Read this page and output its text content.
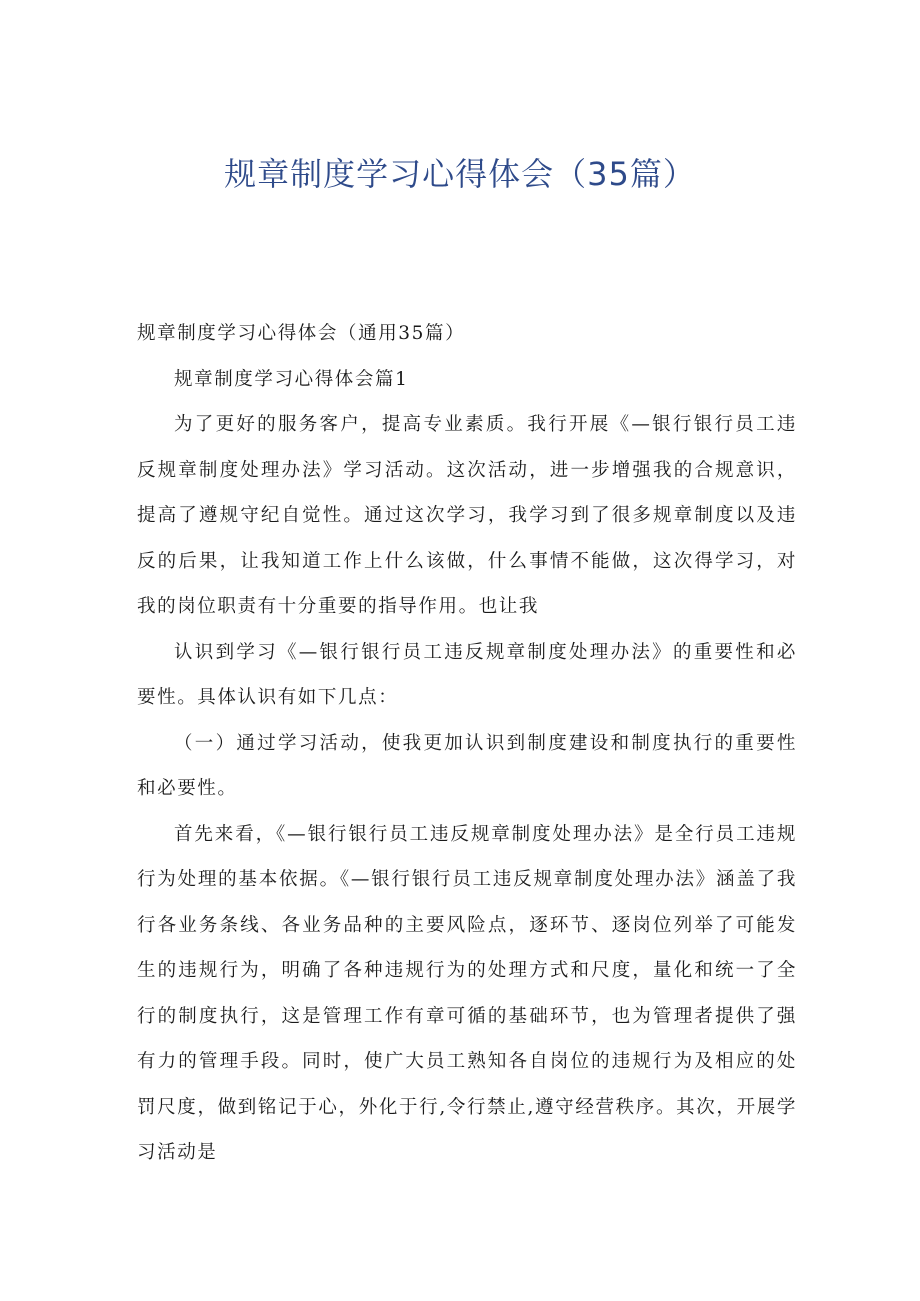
规章制度学习心得体会（35篇）

规章制度学习心得体会（通用35篇）

规章制度学习心得体会篇1

为了更好的服务客户，提高专业素质。我行开展《—银行银行员工违反规章制度处理办法》学习活动。这次活动，进一步增强我的合规意识，提高了遵规守纪自觉性。通过这次学习，我学习到了很多规章制度以及违反的后果，让我知道工作上什么该做，什么事情不能做，这次得学习，对我的岗位职责有十分重要的指导作用。也让我

认识到学习《—银行银行员工违反规章制度处理办法》的重要性和必要性。具体认识有如下几点：

（一）通过学习活动，使我更加认识到制度建设和制度执行的重要性和必要性。

首先来看，《—银行银行员工违反规章制度处理办法》是全行员工违规行为处理的基本依据。《—银行银行员工违反规章制度处理办法》涵盖了我行各业务条线、各业务品种的主要风险点，逐环节、逐岗位列举了可能发生的违规行为，明确了各种违规行为的处理方式和尺度，量化和统一了全行的制度执行，这是管理工作有章可循的基础环节，也为管理者提供了强有力的管理手段。同时，使广大员工熟知各自岗位的违规行为及相应的处罚尺度，做到铭记于心，外化于行,令行禁止,遵守经营秩序。其次，开展学习活动是
